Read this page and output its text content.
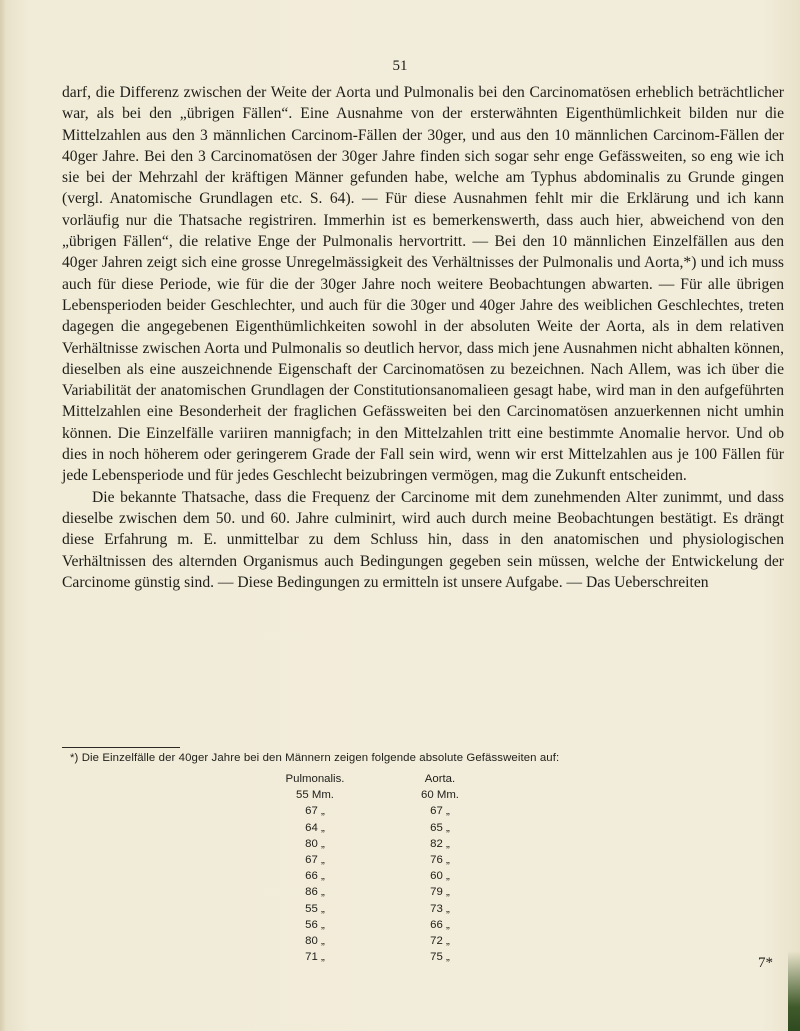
51

darf, die Differenz zwischen der Weite der Aorta und Pulmonalis bei den Carcinomatösen erheblich beträchtlicher war, als bei den „übrigen Fällen“. Eine Ausnahme von der ersterwähnten Eigenthümlichkeit bilden nur die Mittelzahlen aus den 3 männlichen Carcinom-Fällen der 30ger, und aus den 10 männlichen Carcinom-Fällen der 40ger Jahre. Bei den 3 Carcinomatösen der 30ger Jahre finden sich sogar sehr enge Gefässweiten, so eng wie ich sie bei der Mehrzahl der kräftigen Männer gefunden habe, welche am Typhus abdominalis zu Grunde gingen (vergl. Anatomische Grundlagen etc. S. 64). — Für diese Ausnahmen fehlt mir die Erklärung und ich kann vorläufig nur die Thatsache registriren. Immerhin ist es bemerkenswerth, dass auch hier, abweichend von den „übrigen Fällen“, die relative Enge der Pulmonalis hervortritt. — Bei den 10 männlichen Einzelfällen aus den 40ger Jahren zeigt sich eine grosse Unregelmässigkeit des Verhältnisses der Pulmonalis und Aorta,*) und ich muss auch für diese Periode, wie für die der 30ger Jahre noch weitere Beobachtungen abwarten. — Für alle übrigen Lebensperioden beider Geschlechter, und auch für die 30ger und 40ger Jahre des weiblichen Geschlechtes, treten dagegen die angegebenen Eigenthümlichkeiten sowohl in der absoluten Weite der Aorta, als in dem relativen Verhältnisse zwischen Aorta und Pulmonalis so deutlich hervor, dass mich jene Ausnahmen nicht abhalten können, dieselben als eine auszeichnende Eigenschaft der Carcinomatösen zu bezeichnen. Nach Allem, was ich über die Variabilität der anatomischen Grundlagen der Constitutionsanomalieen gesagt habe, wird man in den aufgeführten Mittelzahlen eine Besonderheit der fraglichen Gefässweiten bei den Carcinomatösen anzuerkennen nicht umhin können. Die Einzelfälle variiren mannigfach; in den Mittelzahlen tritt eine bestimmte Anomalie hervor. Und ob dies in noch höherem oder geringerem Grade der Fall sein wird, wenn wir erst Mittelzahlen aus je 100 Fällen für jede Lebensperiode und für jedes Geschlecht beizubringen vermögen, mag die Zukunft entscheiden.

Die bekannte Thatsache, dass die Frequenz der Carcinome mit dem zunehmenden Alter zunimmt, und dass dieselbe zwischen dem 50. und 60. Jahre culminirt, wird auch durch meine Beobachtungen bestätigt. Es drängt diese Erfahrung m. E. unmittelbar zu dem Schluss hin, dass in den anatomischen und physiologischen Verhältnissen des alternden Organismus auch Bedingungen gegeben sein müssen, welche der Entwickelung der Carcinome günstig sind. — Diese Bedingungen zu ermitteln ist unsere Aufgabe. — Das Ueberschreiten

*) Die Einzelfälle der 40ger Jahre bei den Männern zeigen folgende absolute Gefässweiten auf:
Pulmonalis.	Aorta.
55 Mm.	60 Mm.
67 „	67 „
64 „	65 „
80 „	82 „
67 „	76 „
66 „	60 „
86 „	79 „
55 „	73 „
56 „	66 „
80 „	72 „
71 „	75 „	7*
